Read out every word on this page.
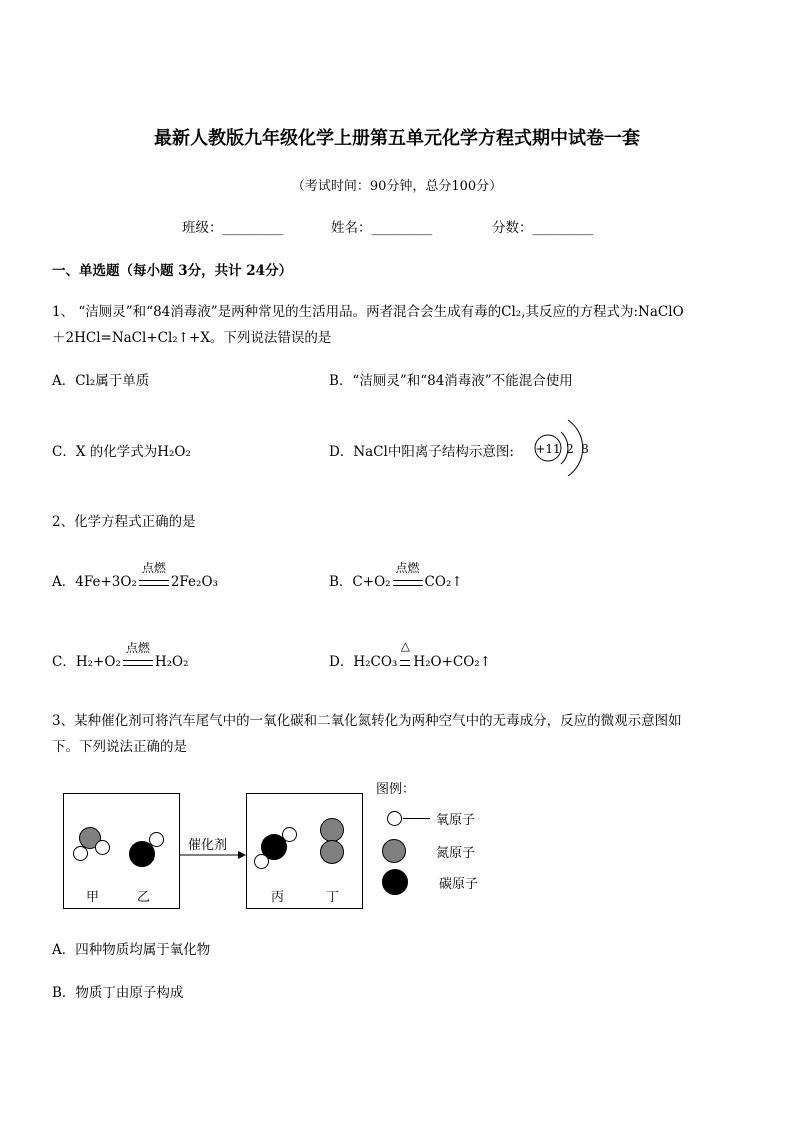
最新人教版九年级化学上册第五单元化学方程式期中试卷一套
（考试时间：90分钟，总分100分）
班级：_________	姓名：_________	分数：_________
一、单选题（每小题 3分，共计 24分）
1、 “洁厕灵”和“84消毒液”是两种常见的生活用品。两者混合会生成有毒的Cl₂,其反应的方程式为:NaClO
＋2HCl=NaCl+Cl₂↑+X。下列说法错误的是
A．Cl₂属于单质	B．“洁厕灵”和“84消毒液”不能混合使用
C．X 的化学式为H₂O₂	D．NaCl中阳离子结构示意图: +11 2 8
2、化学方程式正确的是
A．4Fe+3O₂
点燃
2Fe₂O₃	B．C+O₂
点燃
CO₂↑
C．H₂+O₂
点燃
H₂O₂	D．H₂CO₃
△
H₂O+CO₂↑
3、某种催化剂可将汽车尾气中的一氧化碳和二氧化氮转化为两种空气中的无毒成分，反应的微观示意图如
下。下列说法正确的是
甲	乙
催化剂
丙	丁
图例：
氧原子
氮原子
碳原子
A．四种物质均属于氧化物
B．物质丁由原子构成
